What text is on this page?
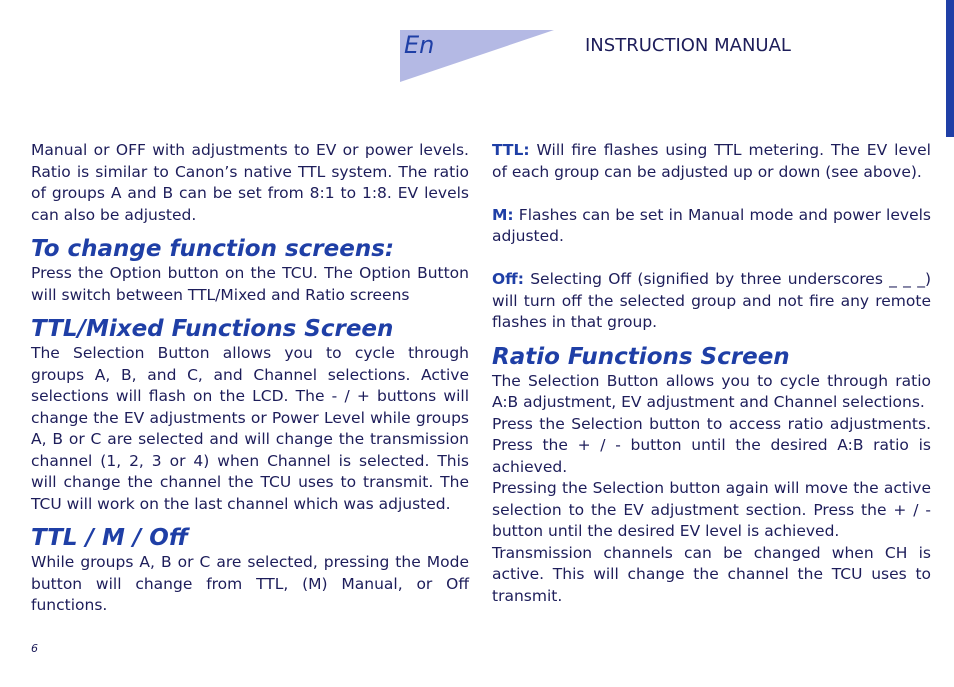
En	INSTRUCTION MANUAL

Manual or OFF with adjustments to EV or power levels. Ratio is similar to Canon’s native TTL system. The ratio of groups A and B can be set from 8:1 to 1:8. EV levels can also be adjusted.

To change function screens:

Press the Option button on the TCU. The Option Button will switch between TTL/Mixed and Ratio screens

TTL/Mixed Functions Screen

The Selection Button allows you to cycle through groups A, B, and C, and Channel selections. Active selections will flash on the LCD. The - / + buttons will change the EV adjustments or Power Level while groups A, B or C are selected and will change the transmission channel (1, 2, 3 or 4) when Channel is selected. This will change the channel the TCU uses to transmit. The TCU will work on the last channel which was adjusted.

TTL / M / Off

While groups A, B or C are selected, pressing the Mode button will change from TTL, (M) Manual, or Off functions.

TTL: Will fire flashes using TTL metering. The EV level of each group can be adjusted up or down (see above).

M: Flashes can be set in Manual mode and power levels adjusted.

Off: Selecting Off (signified by three underscores _ _ _) will turn off the selected group and not fire any remote flashes in that group.

Ratio Functions Screen

The Selection Button allows you to cycle through ratio A:B adjustment, EV adjustment and Channel selections.

Press the Selection button to access ratio adjustments. Press the + / - button until the desired A:B ratio is achieved.

Pressing the Selection button again will move the active selection to the EV adjustment section. Press the + / - button until the desired EV level is achieved.

Transmission channels can be changed when CH is active. This will change the channel the TCU uses to transmit.

6
